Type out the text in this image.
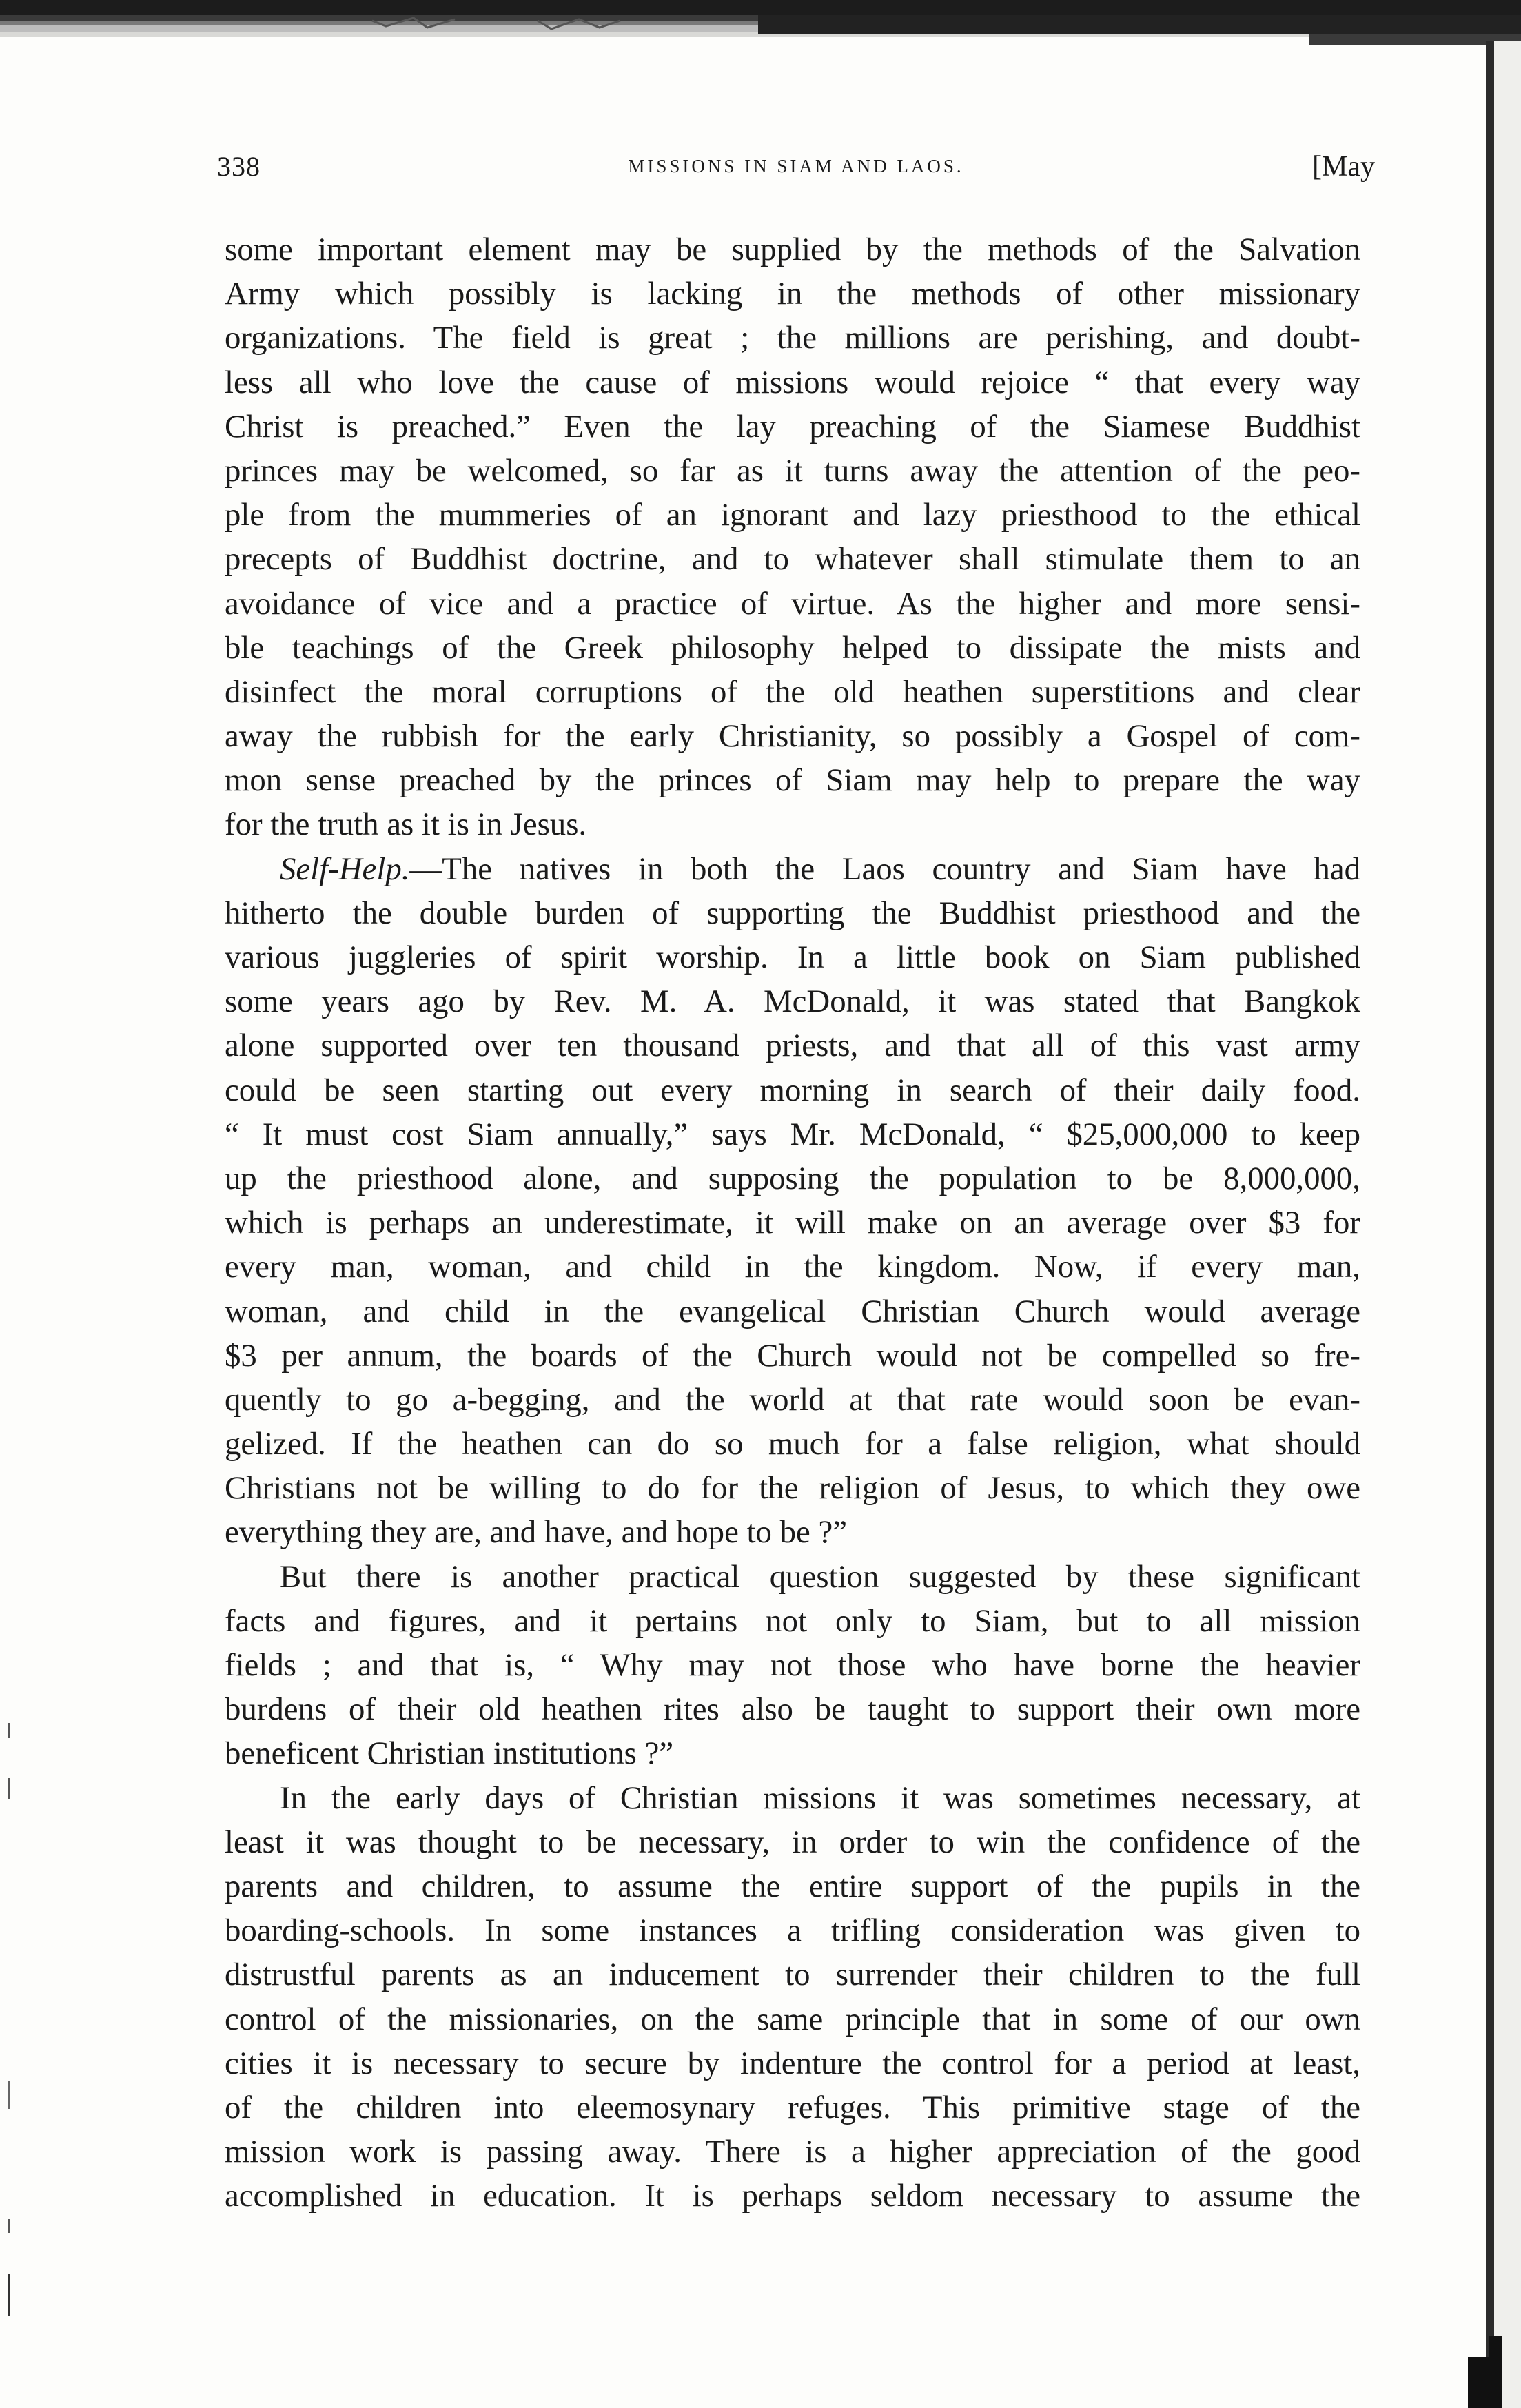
338	MISSIONS IN SIAM AND LAOS.	[May
some important element may be supplied by the methods of the Salvation
Army which possibly is lacking in the methods of other missionary
organizations. The field is great ; the millions are perishing, and doubt-
less all who love the cause of missions would rejoice “ that every way
Christ is preached.” Even the lay preaching of the Siamese Buddhist
princes may be welcomed, so far as it turns away the attention of the peo-
ple from the mummeries of an ignorant and lazy priesthood to the ethical
precepts of Buddhist doctrine, and to whatever shall stimulate them to an
avoidance of vice and a practice of virtue. As the higher and more sensi-
ble teachings of the Greek philosophy helped to dissipate the mists and
disinfect the moral corruptions of the old heathen superstitions and clear
away the rubbish for the early Christianity, so possibly a Gospel of com-
mon sense preached by the princes of Siam may help to prepare the way
for the truth as it is in Jesus.
Self-Help.—The natives in both the Laos country and Siam have had
hitherto the double burden of supporting the Buddhist priesthood and the
various juggleries of spirit worship. In a little book on Siam published
some years ago by Rev. M. A. McDonald, it was stated that Bangkok
alone supported over ten thousand priests, and that all of this vast army
could be seen starting out every morning in search of their daily food.
“ It must cost Siam annually,” says Mr. McDonald, “ $25,000,000 to keep
up the priesthood alone, and supposing the population to be 8,000,000,
which is perhaps an underestimate, it will make on an average over $3 for
every man, woman, and child in the kingdom. Now, if every man,
woman, and child in the evangelical Christian Church would average
$3 per annum, the boards of the Church would not be compelled so fre-
quently to go a-begging, and the world at that rate would soon be evan-
gelized. If the heathen can do so much for a false religion, what should
Christians not be willing to do for the religion of Jesus, to which they owe
everything they are, and have, and hope to be ?”
But there is another practical question suggested by these significant
facts and figures, and it pertains not only to Siam, but to all mission
fields ; and that is, “ Why may not those who have borne the heavier
burdens of their old heathen rites also be taught to support their own more
beneficent Christian institutions ?”
In the early days of Christian missions it was sometimes necessary, at
least it was thought to be necessary, in order to win the confidence of the
parents and children, to assume the entire support of the pupils in the
boarding-schools. In some instances a trifling consideration was given to
distrustful parents as an inducement to surrender their children to the full
control of the missionaries, on the same principle that in some of our own
cities it is necessary to secure by indenture the control for a period at least,
of the children into eleemosynary refuges. This primitive stage of the
mission work is passing away. There is a higher appreciation of the good
accomplished in education. It is perhaps seldom necessary to assume the
